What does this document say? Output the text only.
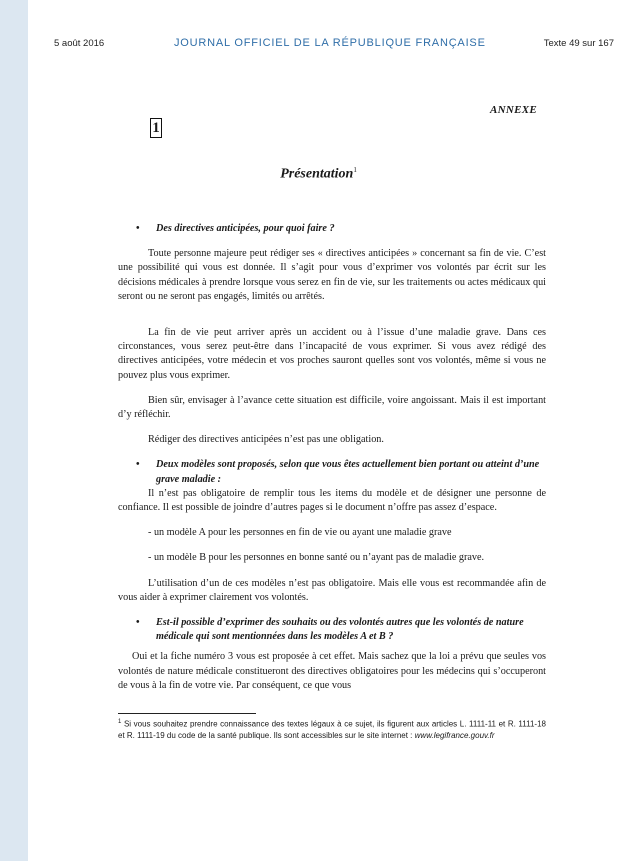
5 août 2016	JOURNAL OFFICIEL DE LA RÉPUBLIQUE FRANÇAISE	Texte 49 sur 167
ANNEXE
1
Présentation$^1$
•	Des directives anticipées, pour quoi faire ?

Toute personne majeure peut rédiger ses « directives anticipées » concernant sa fin de vie. C’est une possibilité qui vous est donnée. Il s’agit pour vous d’exprimer vos volontés par écrit sur les décisions médicales à prendre lorsque vous serez en fin de vie, sur les traitements ou actes médicaux qui seront ou ne seront pas engagés, limités ou arrêtés.

La fin de vie peut arriver après un accident ou à l’issue d’une maladie grave. Dans ces circonstances, vous serez peut-être dans l’incapacité de vous exprimer. Si vous avez rédigé des directives anticipées, votre médecin et vos proches sauront quelles sont vos volontés, même si vous ne pouvez plus vous exprimer.

Bien sûr, envisager à l’avance cette situation est difficile, voire angoissant. Mais il est important d’y réfléchir.

Rédiger des directives anticipées n’est pas une obligation.

•	Deux modèles sont proposés, selon que vous êtes actuellement bien portant ou atteint d’une grave maladie :

Il n’est pas obligatoire de remplir tous les items du modèle et de désigner une personne de confiance. Il est possible de joindre d’autres pages si le document n’offre pas assez d’espace.

- un modèle A pour les personnes en fin de vie ou ayant une maladie grave

- un modèle B pour les personnes en bonne santé ou n’ayant pas de maladie grave.

L’utilisation d’un de ces modèles n’est pas obligatoire. Mais elle vous est recommandée afin de vous aider à exprimer clairement vos volontés.

•	Est-il possible d’exprimer des souhaits ou des volontés autres que les volontés de nature médicale qui sont mentionnées dans les modèles A et B ?

Oui et la fiche numéro 3 vous est proposée à cet effet. Mais sachez que la loi a prévu que seules vos volontés de nature médicale constitueront des directives obligatoires pour les médecins qui s’occuperont de vous à la fin de votre vie. Par conséquent, ce que vous

$^1$ Si vous souhaitez prendre connaissance des textes légaux à ce sujet, ils figurent aux articles L. 1111-11 et R. 1111-18 et R. 1111-19 du code de la santé publique. Ils sont accessibles sur le site internet : www.legifrance.gouv.fr
